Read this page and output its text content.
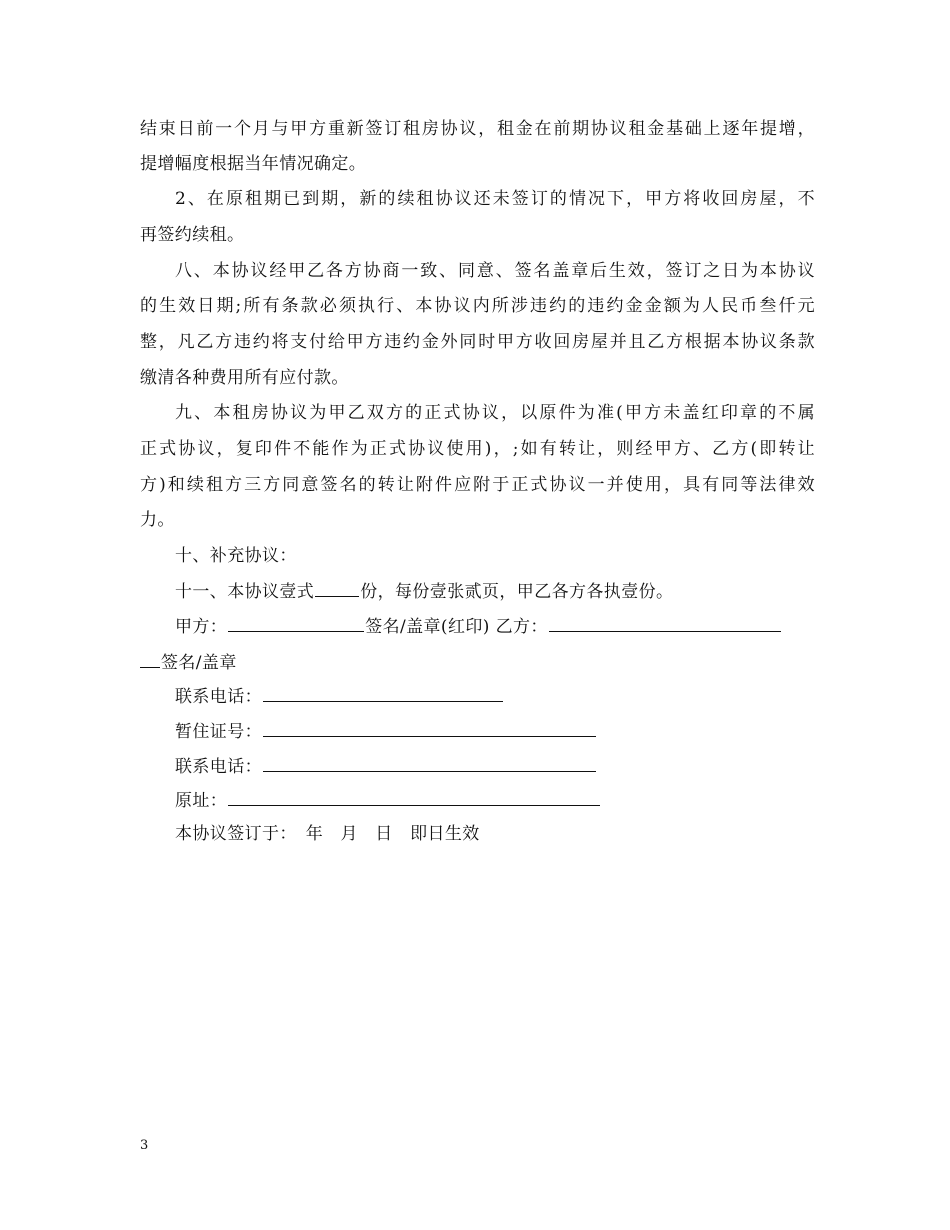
结束日前一个月与甲方重新签订租房协议，租金在前期协议租金基础上逐年提增，
提增幅度根据当年情况确定。
2、在原租期已到期，新的续租协议还未签订的情况下，甲方将收回房屋，不
再签约续租。
八、本协议经甲乙各方协商一致、同意、签名盖章后生效，签订之日为本协议
的生效日期;所有条款必须执行、本协议内所涉违约的违约金金额为人民币叁仟元
整，凡乙方违约将支付给甲方违约金外同时甲方收回房屋并且乙方根据本协议条款
缴清各种费用所有应付款。
九、本租房协议为甲乙双方的正式协议，以原件为准(甲方未盖红印章的不属
正式协议，复印件不能作为正式协议使用)，;如有转让，则经甲方、乙方(即转让
方)和续租方三方同意签名的转让附件应附于正式协议一并使用，具有同等法律效
力。
十、补充协议：
十一、本协议壹式	份，每份壹张贰页，甲乙各方各执壹份。
甲方：	签名/盖章(红印) 乙方：
签名/盖章
联系电话：
暂住证号：
联系电话：
原址：
本协议签订于：　年　月　日　即日生效
3
